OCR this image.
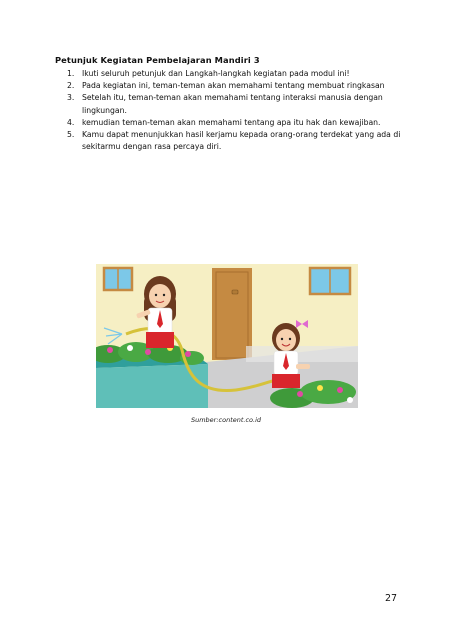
Petunjuk Kegiatan Pembelajaran Mandiri 3
1. Ikuti seluruh petunjuk dan Langkah-langkah kegiatan pada modul ini!
2. Pada kegiatan ini, teman-teman akan memahami tentang membuat ringkasan
3. Setelah itu, teman-teman akan memahami tentang interaksi manusia dengan lingkungan.
4. kemudian teman-teman akan memahami tentang apa itu hak dan kewajiban.
5. Kamu dapat menunjukkan hasil kerjamu kepada orang-orang terdekat yang ada di sekitarmu dengan rasa percaya diri.
Sumber:content.co.id
27
